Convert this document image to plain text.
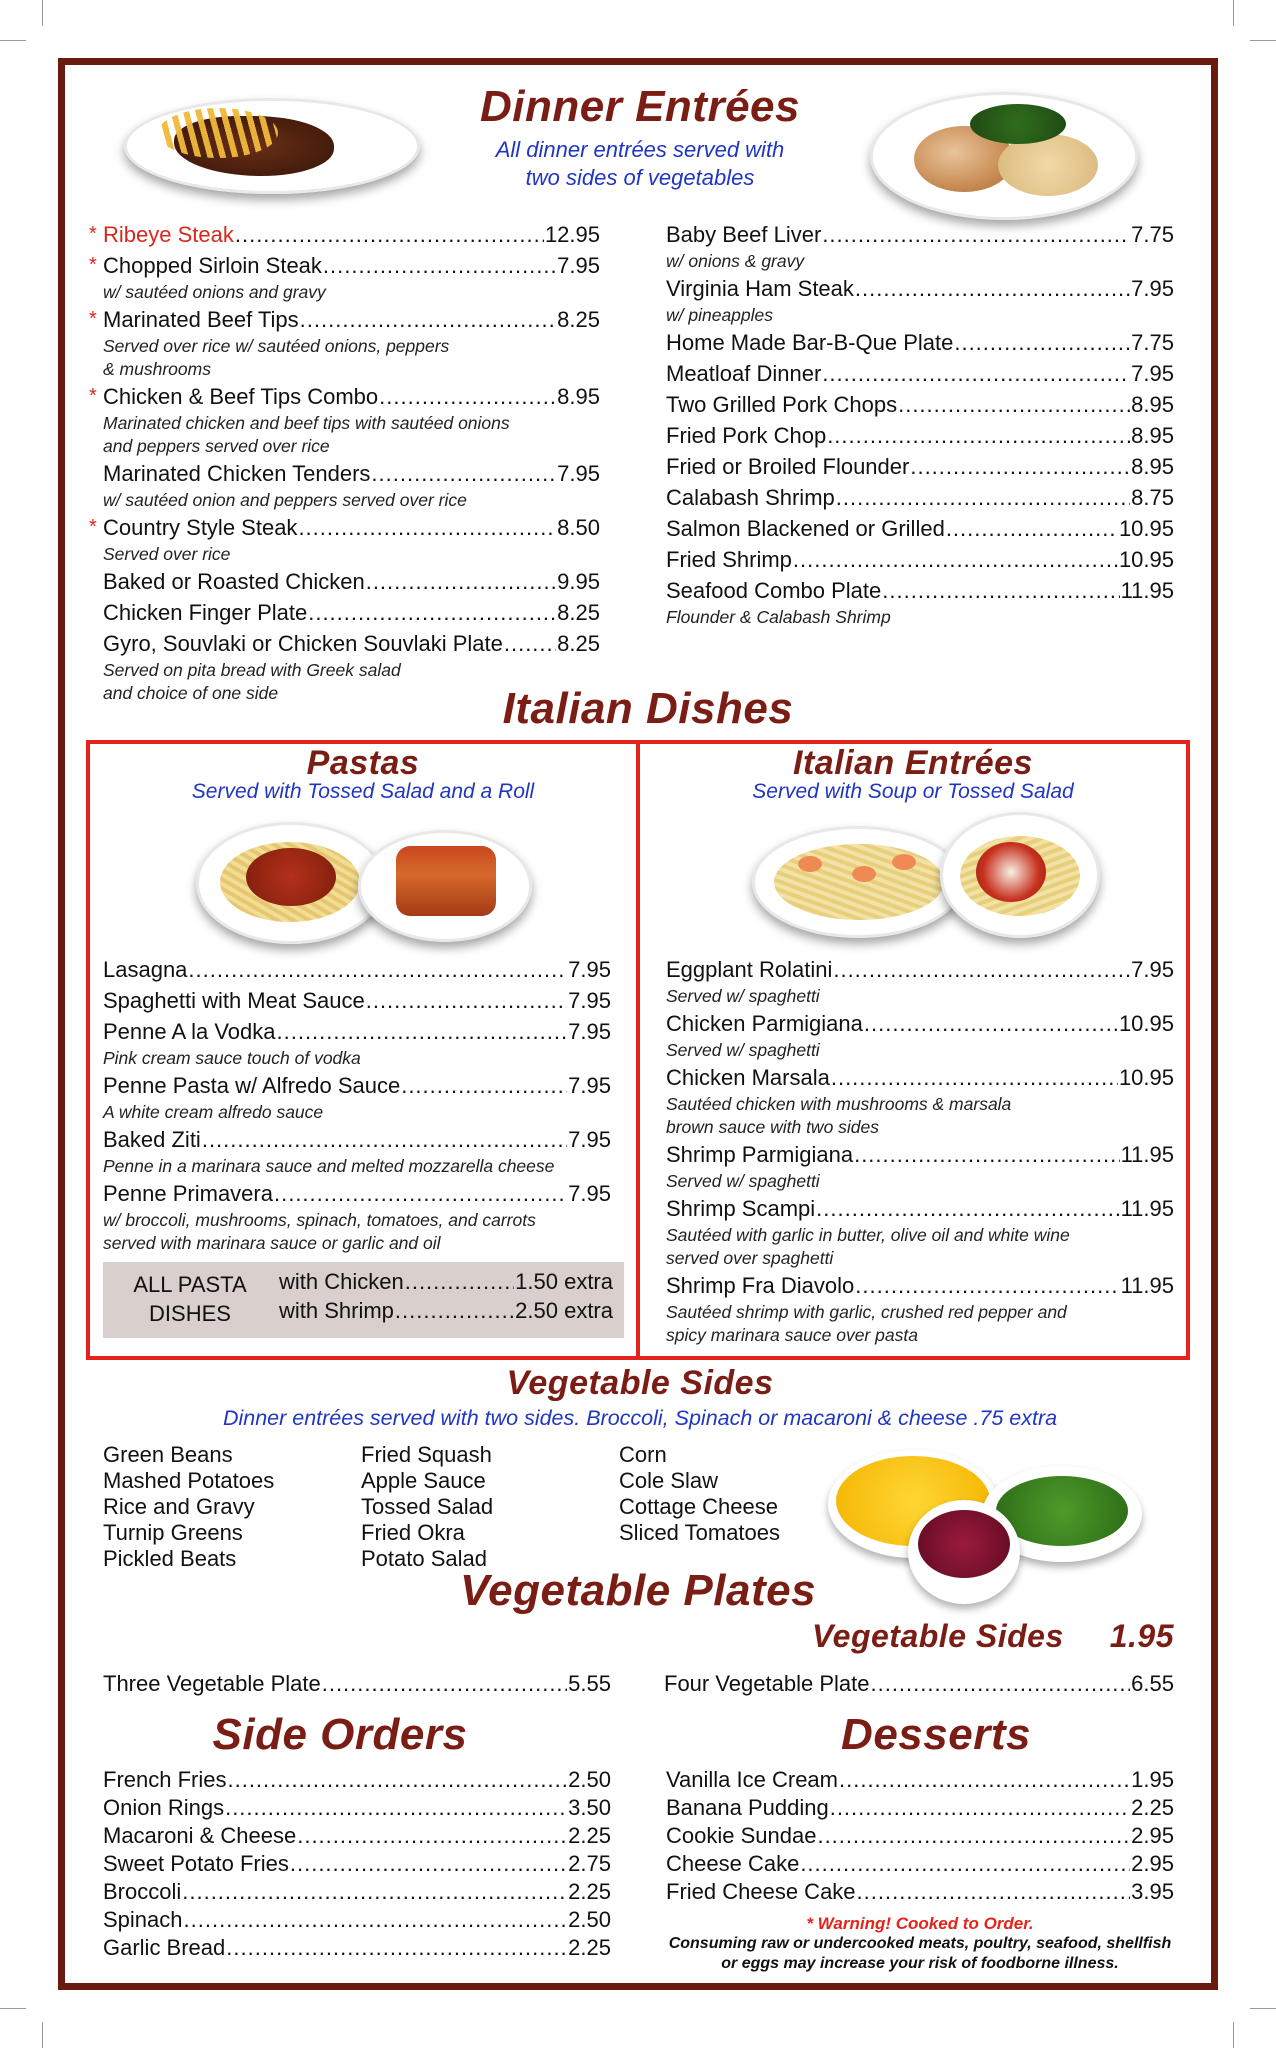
Dinner Entrées
All dinner entrées served with
two sides of vegetables
* Ribeye Steak .....	12.95
* Chopped Sirloin Steak .....	7.95
w/ sautéed onions and gravy
* Marinated Beef Tips .....	8.25
Served over rice w/ sautéed onions, peppers
& mushrooms
* Chicken & Beef Tips Combo .....	8.95
Marinated chicken and beef tips with sautéed onions
and peppers served over rice
Marinated Chicken Tenders .....	7.95
w/ sautéed onion and peppers served over rice
* Country Style Steak .....	8.50
Served over rice
Baked or Roasted Chicken .....	9.95
Chicken Finger Plate .....	8.25
Gyro, Souvlaki or Chicken Souvlaki Plate ..... 8.25
Served on pita bread with Greek salad
and choice of one side
Baby Beef Liver .....	7.75
w/ onions & gravy
Virginia Ham Steak .....	7.95
w/ pineapples
Home Made Bar-B-Que Plate .....	7.75
Meatloaf Dinner .....	7.95
Two Grilled Pork Chops .....	8.95
Fried Pork Chop .....	8.95
Fried or Broiled Flounder .....	8.95
Calabash Shrimp .....	8.75
Salmon Blackened or Grilled .....	10.95
Fried Shrimp .....	10.95
Seafood Combo Plate .....	11.95
Flounder & Calabash Shrimp
Italian Dishes
Pastas
Served with Tossed Salad and a Roll
Italian Entrées
Served with Soup or Tossed Salad
Lasagna .....	7.95
Spaghetti with Meat Sauce .....	7.95
Penne A la Vodka .....	7.95
Pink cream sauce touch of vodka
Penne Pasta w/ Alfredo Sauce .....	7.95
A white cream alfredo sauce
Baked Ziti .....	7.95
Penne in a marinara sauce and melted mozzarella cheese
Penne Primavera .....	7.95
w/ broccoli, mushrooms, spinach, tomatoes, and carrots
served with marinara sauce or garlic and oil
ALL PASTA
DISHES
with Chicken .....	1.50 extra
with Shrimp .....	2.50 extra
Eggplant Rolatini .....	7.95
Served w/ spaghetti
Chicken Parmigiana .....	10.95
Served w/ spaghetti
Chicken Marsala .....	10.95
Sautéed chicken with mushrooms & marsala
brown sauce with two sides
Shrimp Parmigiana .....	11.95
Served w/ spaghetti
Shrimp Scampi .....	11.95
Sautéed with garlic in butter, olive oil and white wine
served over spaghetti
Shrimp Fra Diavolo .....	11.95
Sautéed shrimp with garlic, crushed red pepper and
spicy marinara sauce over pasta
Vegetable Sides
Dinner entrées served with two sides. Broccoli, Spinach or macaroni & cheese .75 extra
Green Beans
Mashed Potatoes
Rice and Gravy
Turnip Greens
Pickled Beats
Fried Squash
Apple Sauce
Tossed Salad
Fried Okra
Potato Salad
Corn
Cole Slaw
Cottage Cheese
Sliced Tomatoes
Vegetable Plates
Vegetable Sides	1.95
Three Vegetable Plate .....	5.55 Four Vegetable Plate .....	6.55
Side Orders
French Fries .....	2.50
Onion Rings .....	3.50
Macaroni & Cheese .....	2.25
Sweet Potato Fries .....	2.75
Broccoli .....	2.25
Spinach .....	2.50
Garlic Bread .....	2.25
Desserts
Vanilla Ice Cream .....	1.95
Banana Pudding .....	2.25
Cookie Sundae .....	2.95
Cheese Cake .....	2.95
Fried Cheese Cake .....	3.95
* Warning! Cooked to Order.
Consuming raw or undercooked meats, poultry, seafood, shellfish
or eggs may increase your risk of foodborne illness.
